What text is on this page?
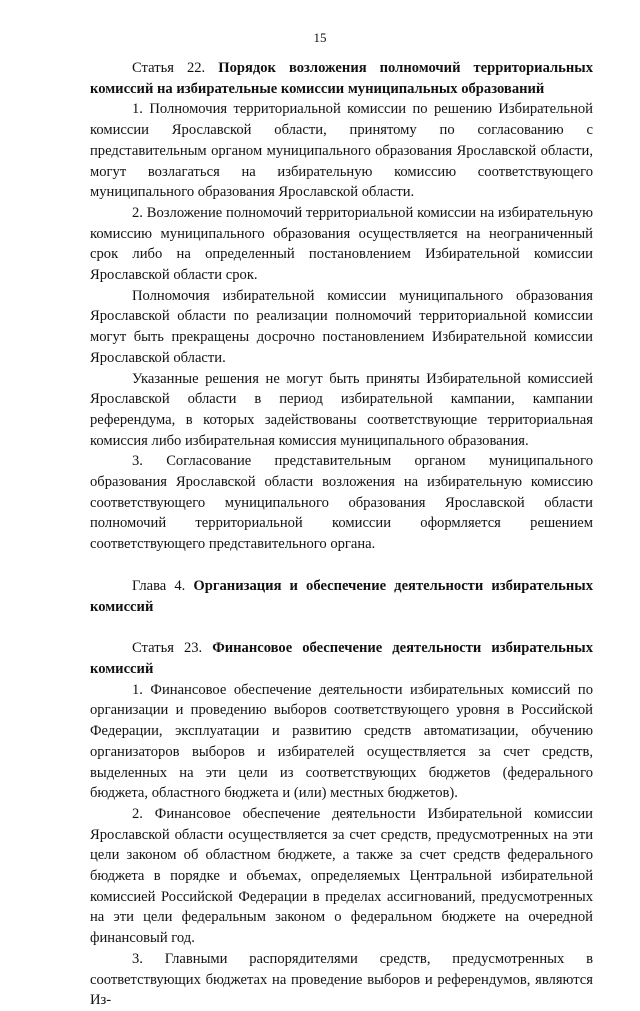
15

Статья 22. Порядок возложения полномочий территориальных комиссий на избирательные комиссии муниципальных образований

1. Полномочия территориальной комиссии по решению Избирательной комиссии Ярославской области, принятому по согласованию с представительным органом муниципального образования Ярославской области, могут возлагаться на избирательную комиссию соответствующего муниципального образования Ярославской области.

2. Возложение полномочий территориальной комиссии на избирательную комиссию муниципального образования осуществляется на неограниченный срок либо на определенный постановлением Избирательной комиссии Ярославской области срок.

Полномочия избирательной комиссии муниципального образования Ярославской области по реализации полномочий территориальной комиссии могут быть прекращены досрочно постановлением Избирательной комиссии Ярославской области.

Указанные решения не могут быть приняты Избирательной комиссией Ярославской области в период избирательной кампании, кампании референдума, в которых задействованы соответствующие территориальная комиссия либо избирательная комиссия муниципального образования.

3. Согласование представительным органом муниципального образования Ярославской области возложения на избирательную комиссию соответствующего муниципального образования Ярославской области полномочий территориальной комиссии оформляется решением соответствующего представительного органа.

Глава 4. Организация и обеспечение деятельности избирательных комиссий

Статья 23. Финансовое обеспечение деятельности избирательных комиссий

1. Финансовое обеспечение деятельности избирательных комиссий по организации и проведению выборов соответствующего уровня в Российской Федерации, эксплуатации и развитию средств автоматизации, обучению организаторов выборов и избирателей осуществляется за счет средств, выделенных на эти цели из соответствующих бюджетов (федерального бюджета, областного бюджета и (или) местных бюджетов).

2. Финансовое обеспечение деятельности Избирательной комиссии Ярославской области осуществляется за счет средств, предусмотренных на эти цели законом об областном бюджете, а также за счет средств федерального бюджета в порядке и объемах, определяемых Центральной избирательной комиссией Российской Федерации в пределах ассигнований, предусмотренных на эти цели федеральным законом о федеральном бюджете на очередной финансовый год.

3. Главными распорядителями средств, предусмотренных в соответствующих бюджетах на проведение выборов и референдумов, являются Из-
